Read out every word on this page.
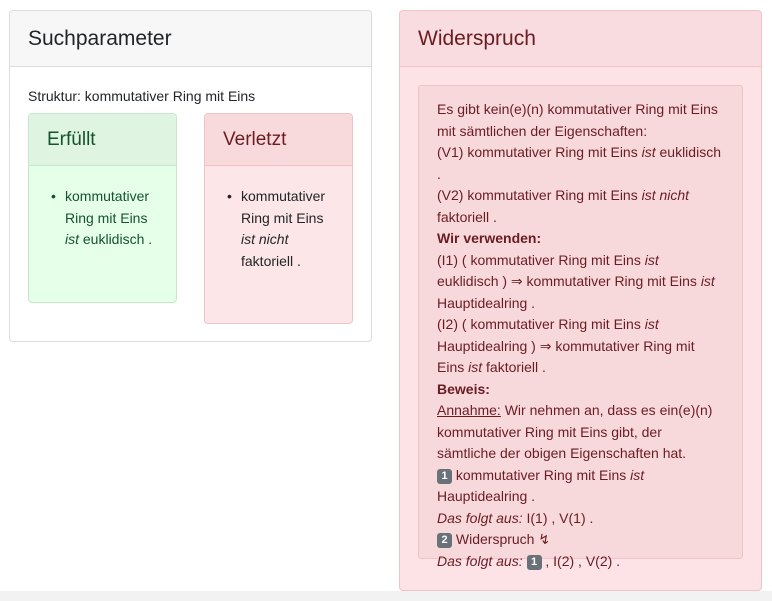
Suchparameter
Struktur: kommutativer Ring mit Eins
Erfüllt
• kommutativer Ring mit Eins ist euklidisch .
Verletzt
• kommutativer Ring mit Eins ist nicht faktoriell .
Widerspruch

Es gibt kein(e)(n) kommutativer Ring mit Eins mit sämtlichen der Eigenschaften:

(V1) kommutativer Ring mit Eins ist euklidisch .

(V2) kommutativer Ring mit Eins ist nicht faktoriell .

Wir verwenden:

(I1) ( kommutativer Ring mit Eins ist euklidisch ) ⇒ kommutativer Ring mit Eins ist Hauptidealring .

(I2) ( kommutativer Ring mit Eins ist Hauptidealring ) ⇒ kommutativer Ring mit Eins ist faktoriell .

Beweis:

Annahme: Wir nehmen an, dass es ein(e)(n) kommutativer Ring mit Eins gibt, der sämtliche der obigen Eigenschaften hat.

1 kommutativer Ring mit Eins ist Hauptidealring .

Das folgt aus: I(1) , V(1) .

2 Widerspruch ↯

Das folgt aus: 1 , I(2) , V(2) .
